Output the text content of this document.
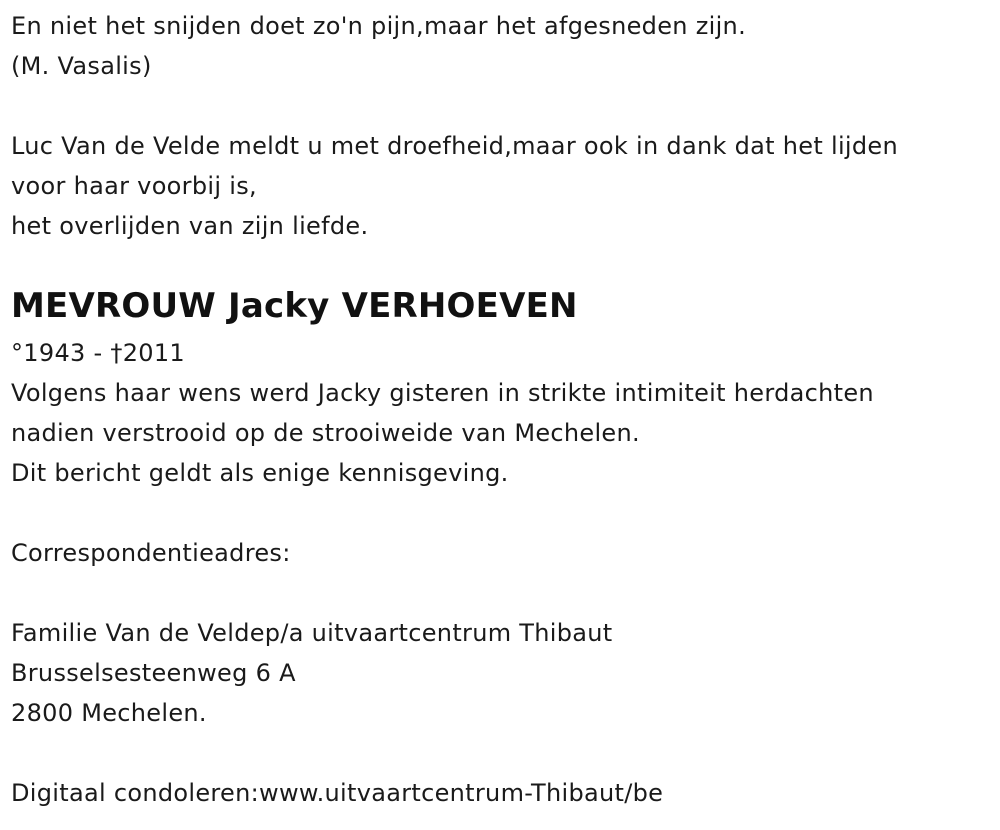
En niet het snijden doet zo'n pijn,maar het afgesneden zijn.
(M. Vasalis)
Luc Van de Velde meldt u met droefheid,maar ook in dank dat het lijden
voor haar voorbij is,
het overlijden van zijn liefde.
MEVROUW Jacky VERHOEVEN
°1943 - †2011
Volgens haar wens werd Jacky gisteren in strikte intimiteit herdachten
nadien verstrooid op de strooiweide van Mechelen.
Dit bericht geldt als enige kennisgeving.
Correspondentieadres:
Familie Van de Veldep/a uitvaartcentrum Thibaut
Brusselsesteenweg 6 A
2800 Mechelen.
Digitaal condoleren:www.uitvaartcentrum-Thibaut/be
